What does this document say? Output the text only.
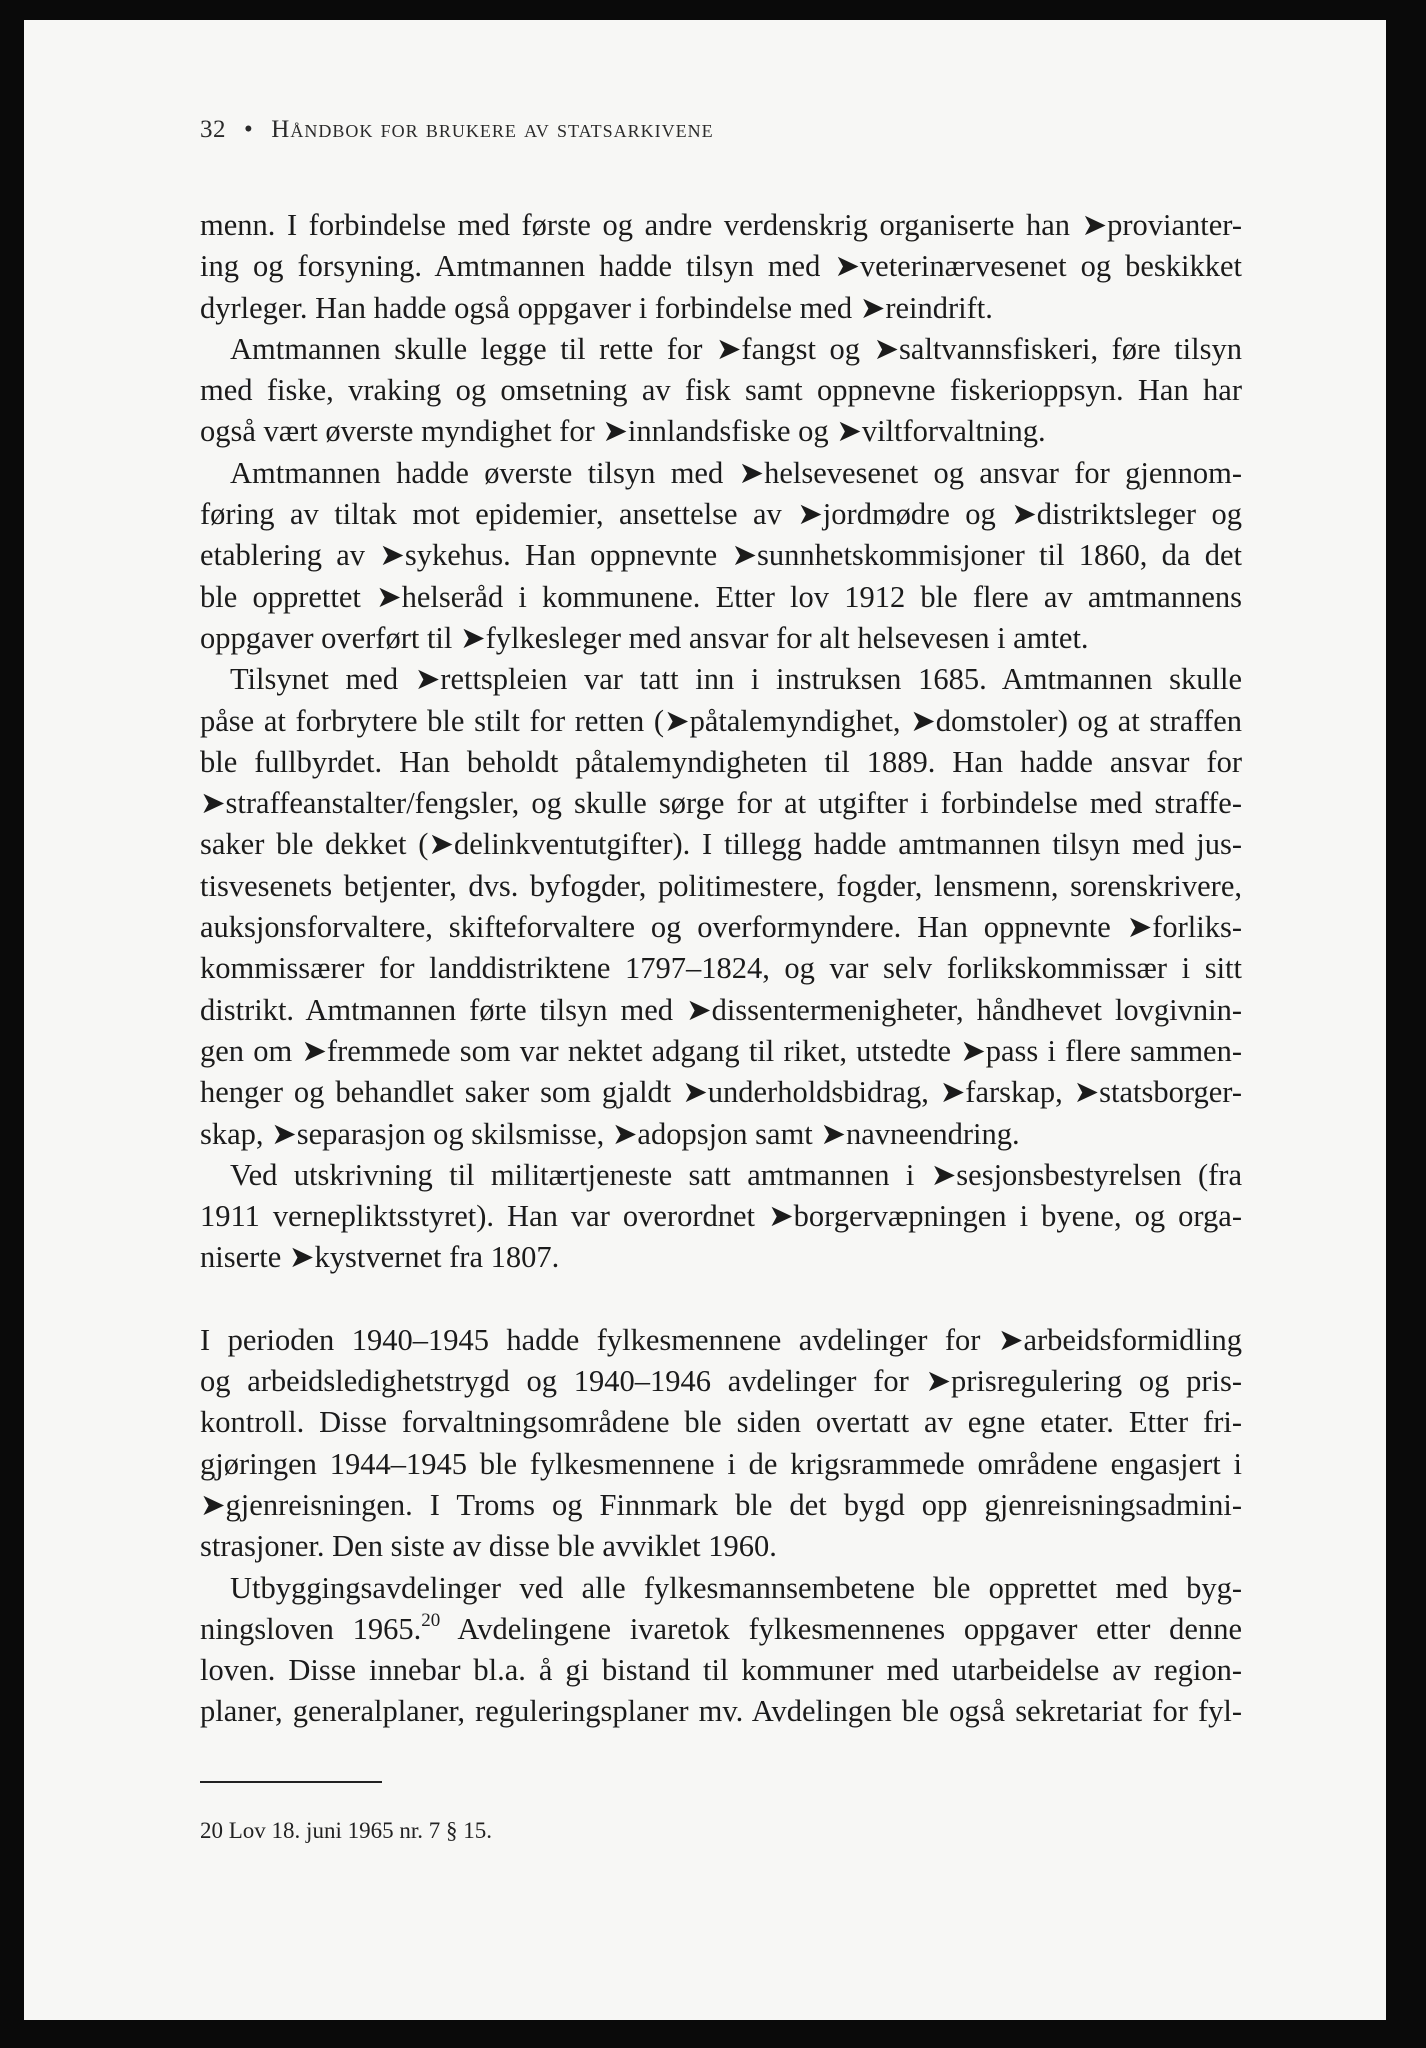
32 • Håndbok for brukere av statsarkivene
menn. I forbindelse med første og andre verdenskrig organiserte han ➤provianter-
ing og forsyning. Amtmannen hadde tilsyn med ➤veterinærvesenet og beskikket
dyrleger. Han hadde også oppgaver i forbindelse med ➤reindrift.
Amtmannen skulle legge til rette for ➤fangst og ➤saltvannsfiskeri, føre tilsyn
med fiske, vraking og omsetning av fisk samt oppnevne fiskerioppsyn. Han har
også vært øverste myndighet for ➤innlandsfiske og ➤viltforvaltning.
Amtmannen hadde øverste tilsyn med ➤helsevesenet og ansvar for gjennom-
føring av tiltak mot epidemier, ansettelse av ➤jordmødre og ➤distriktsleger og
etablering av ➤sykehus. Han oppnevnte ➤sunnhetskommisjoner til 1860, da det
ble opprettet ➤helseråd i kommunene. Etter lov 1912 ble flere av amtmannens
oppgaver overført til ➤fylkesleger med ansvar for alt helsevesen i amtet.
Tilsynet med ➤rettspleien var tatt inn i instruksen 1685. Amtmannen skulle
påse at forbrytere ble stilt for retten (➤påtalemyndighet, ➤domstoler) og at straffen
ble fullbyrdet. Han beholdt påtalemyndigheten til 1889. Han hadde ansvar for
➤straffeanstalter/fengsler, og skulle sørge for at utgifter i forbindelse med straffe-
saker ble dekket (➤delinkventutgifter). I tillegg hadde amtmannen tilsyn med jus-
tisvesenets betjenter, dvs. byfogder, politimestere, fogder, lensmenn, sorenskrivere,
auksjonsforvaltere, skifteforvaltere og overformyndere. Han oppnevnte ➤forliks-
kommissærer for landdistriktene 1797–1824, og var selv forlikskommissær i sitt
distrikt. Amtmannen førte tilsyn med ➤dissentermenigheter, håndhevet lovgivnin-
gen om ➤fremmede som var nektet adgang til riket, utstedte ➤pass i flere sammen-
henger og behandlet saker som gjaldt ➤underholdsbidrag, ➤farskap, ➤statsborger-
skap, ➤separasjon og skilsmisse, ➤adopsjon samt ➤navneendring.
Ved utskrivning til militærtjeneste satt amtmannen i ➤sesjonsbestyrelsen (fra
1911 vernepliktsstyret). Han var overordnet ➤borgervæpningen i byene, og orga-
niserte ➤kystvernet fra 1807.
I perioden 1940–1945 hadde fylkesmennene avdelinger for ➤arbeidsformidling
og arbeidsledighetstrygd og 1940–1946 avdelinger for ➤prisregulering og pris-
kontroll. Disse forvaltningsområdene ble siden overtatt av egne etater. Etter fri-
gjøringen 1944–1945 ble fylkesmennene i de krigsrammede områdene engasjert i
➤gjenreisningen. I Troms og Finnmark ble det bygd opp gjenreisningsadmini-
strasjoner. Den siste av disse ble avviklet 1960.
Utbyggingsavdelinger ved alle fylkesmannsembetene ble opprettet med byg-
ningsloven 1965.20 Avdelingene ivaretok fylkesmennenes oppgaver etter denne
loven. Disse innebar bl.a. å gi bistand til kommuner med utarbeidelse av region-
planer, generalplaner, reguleringsplaner mv. Avdelingen ble også sekretariat for fyl-
20 Lov 18. juni 1965 nr. 7 § 15.
